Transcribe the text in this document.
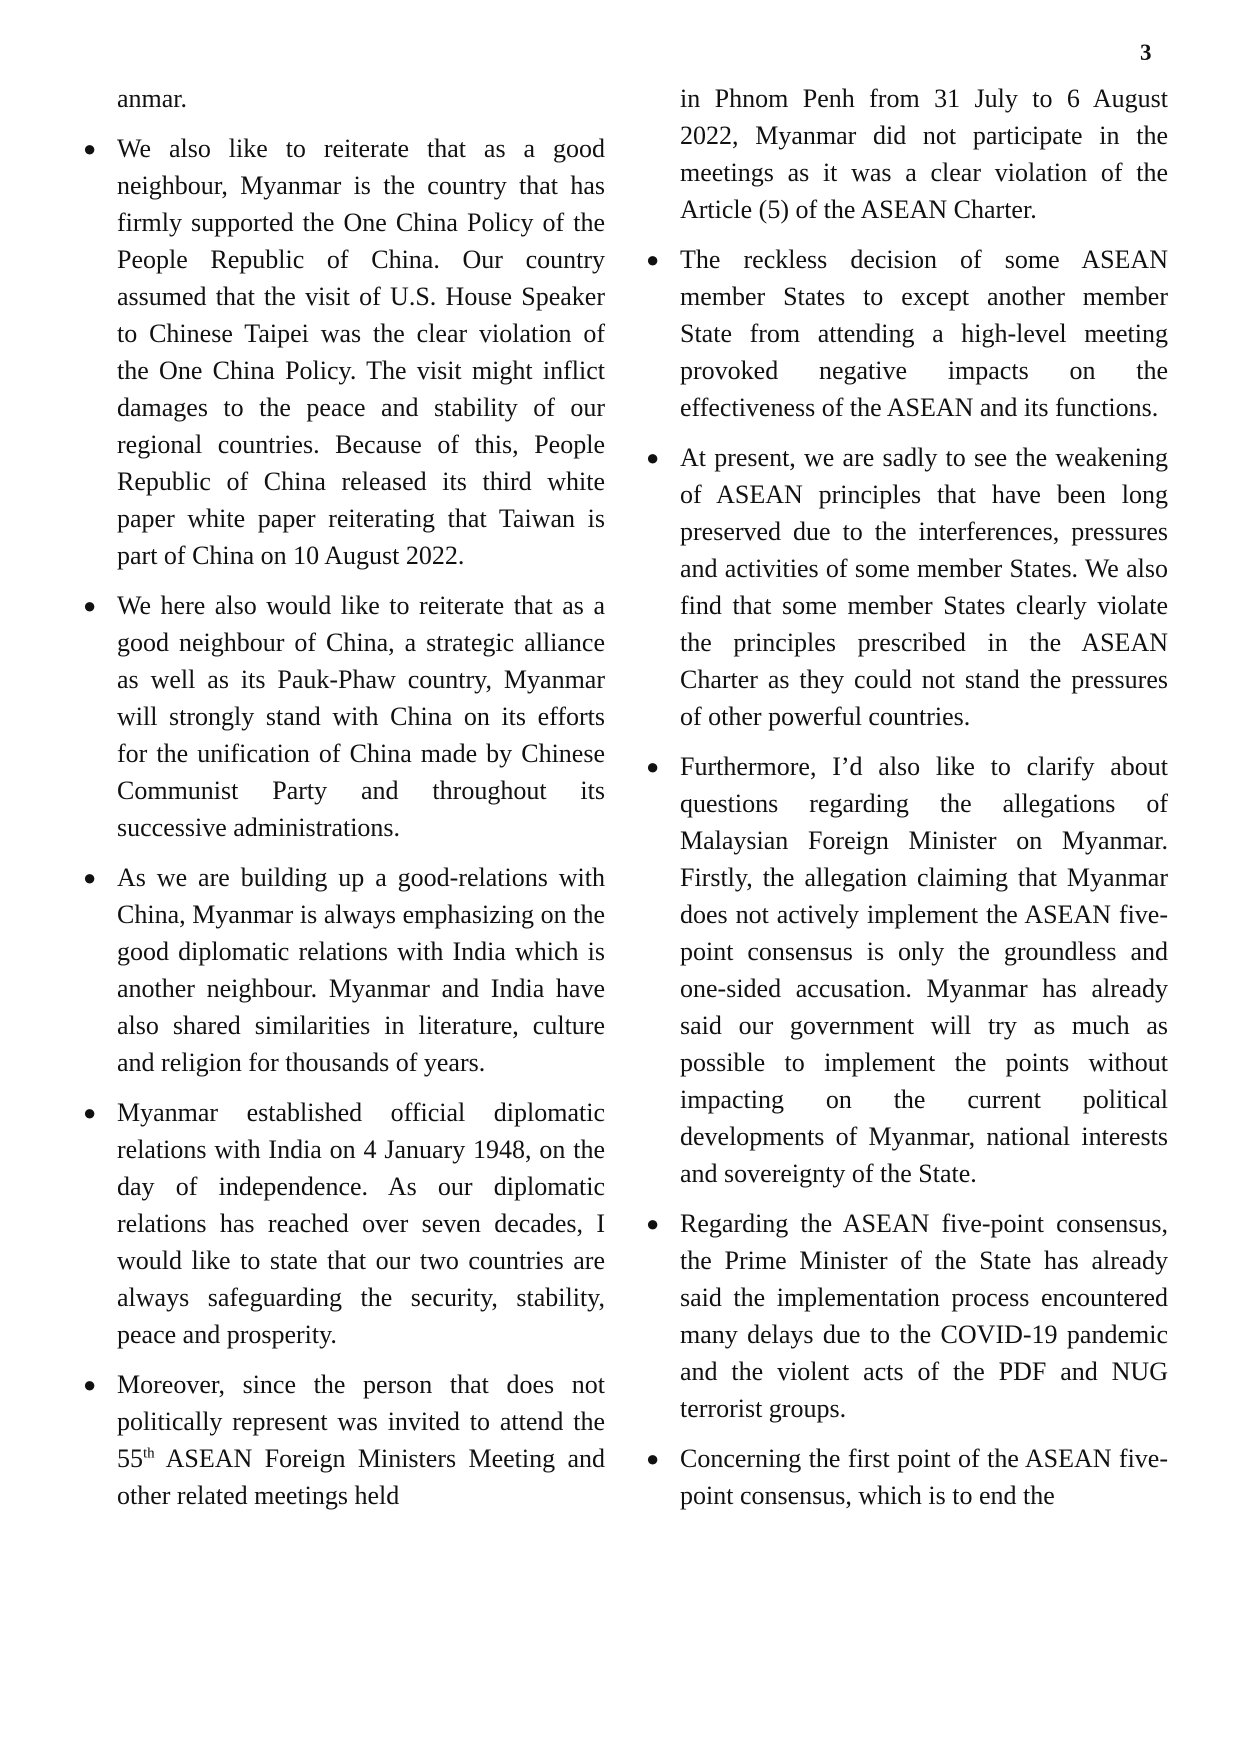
3

anmar.

● We also like to reiterate that as a good neighbour, Myanmar is the country that has firmly supported the One China Policy of the People Republic of China. Our country assumed that the visit of U.S. House Speaker to Chinese Taipei was the clear violation of the One China Policy. The visit might inflict damages to the peace and stability of our regional countries. Because of this, People Republic of China released its third white paper white paper reiterating that Taiwan is part of China on 10 August 2022.

● We here also would like to reiterate that as a good neighbour of China, a strategic alliance as well as its Pauk-Phaw country, Myanmar will strongly stand with China on its efforts for the unification of China made by Chinese Communist Party and throughout its successive administrations.

● As we are building up a good-relations with China, Myanmar is always emphasizing on the good diplomatic relations with India which is another neighbour. Myanmar and India have also shared similarities in literature, culture and religion for thousands of years.

● Myanmar established official diplomatic relations with India on 4 January 1948, on the day of independence. As our diplomatic relations has reached over seven decades, I would like to state that our two countries are always safeguarding the security, stability, peace and prosperity.

● Moreover, since the person that does not politically represent was invited to attend the 55th ASEAN Foreign Ministers Meeting and other related meetings held

in Phnom Penh from 31 July to 6 August 2022, Myanmar did not participate in the meetings as it was a clear violation of the Article (5) of the ASEAN Charter.

● The reckless decision of some ASEAN member States to except another member State from attending a high-level meeting provoked negative impacts on the effectiveness of the ASEAN and its functions.

● At present, we are sadly to see the weakening of ASEAN principles that have been long preserved due to the interferences, pressures and activities of some member States. We also find that some member States clearly violate the principles prescribed in the ASEAN Charter as they could not stand the pressures of other powerful countries.

● Furthermore, I’d also like to clarify about questions regarding the allegations of Malaysian Foreign Minister on Myanmar. Firstly, the allegation claiming that Myanmar does not actively implement the ASEAN five-point consensus is only the groundless and one-sided accusation. Myanmar has already said our government will try as much as possible to implement the points without impacting on the current political developments of Myanmar, national interests and sovereignty of the State.

● Regarding the ASEAN five-point consensus, the Prime Minister of the State has already said the implementation process encountered many delays due to the COVID-19 pandemic and the violent acts of the PDF and NUG terrorist groups.

● Concerning the first point of the ASEAN five-point consensus, which is to end the
